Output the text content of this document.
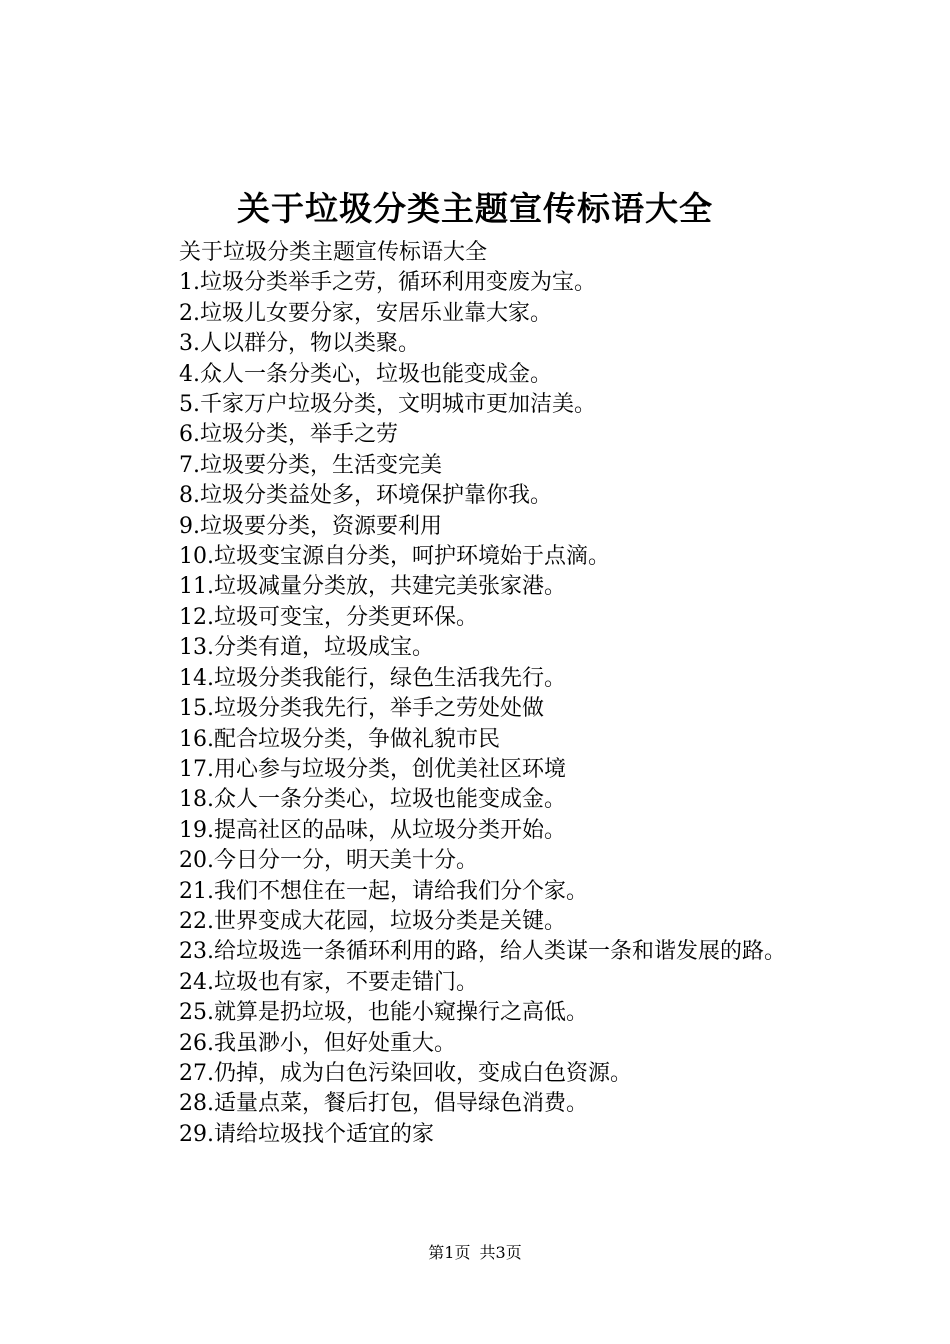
关于垃圾分类主题宣传标语大全

关于垃圾分类主题宣传标语大全

1.垃圾分类举手之劳，循环利用变废为宝。

2.垃圾儿女要分家，安居乐业靠大家。

3.人以群分，物以类聚。

4.众人一条分类心，垃圾也能变成金。

5.千家万户垃圾分类，文明城市更加洁美。

6.垃圾分类，举手之劳

7.垃圾要分类，生活变完美

8.垃圾分类益处多，环境保护靠你我。

9.垃圾要分类，资源要利用

10.垃圾变宝源自分类，呵护环境始于点滴。

11.垃圾减量分类放，共建完美张家港。

12.垃圾可变宝，分类更环保。

13.分类有道，垃圾成宝。

14.垃圾分类我能行，绿色生活我先行。

15.垃圾分类我先行，举手之劳处处做

16.配合垃圾分类，争做礼貌市民

17.用心参与垃圾分类，创优美社区环境

18.众人一条分类心，垃圾也能变成金。

19.提高社区的品味，从垃圾分类开始。

20.今日分一分，明天美十分。

21.我们不想住在一起，请给我们分个家。

22.世界变成大花园，垃圾分类是关键。

23.给垃圾选一条循环利用的路，给人类谋一条和谐发展的路。

24.垃圾也有家，不要走错门。

25.就算是扔垃圾，也能小窥操行之高低。

26.我虽渺小，但好处重大。

27.仍掉，成为白色污染回收，变成白色资源。

28.适量点菜，餐后打包，倡导绿色消费。

29.请给垃圾找个适宜的家

第1页 共3页
